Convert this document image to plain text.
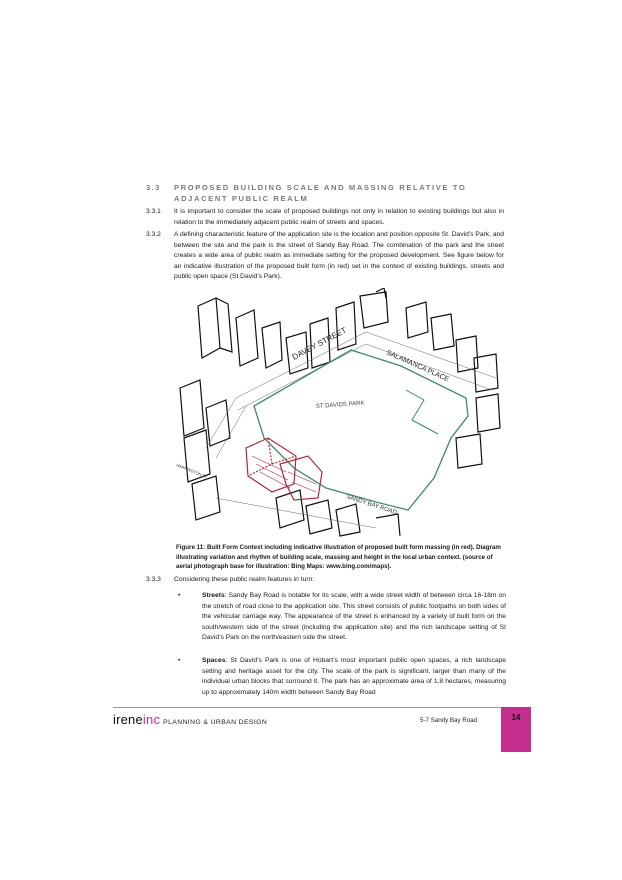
3.3 PROPOSED BUILDING SCALE AND MASSING RELATIVE TO ADJACENT PUBLIC REALM
3.3.1 It is important to consider the scale of proposed buildings not only in relation to existing buildings but also in relation to the immediately adjacent public realm of streets and spaces.
3.3.2 A defining characteristic feature of the application site is the location and position opposite St. David’s Park, and between the site and the park is the street of Sandy Bay Road. The combination of the park and the street creates a wide area of public realm as immediate setting for the proposed development. See figure below for an indicative illustration of the proposed built form (in red) set in the context of existing buildings, streets and public open space (St David’s Park).
DAVEY STREET
SALAMANCA PLACE
ST DAVIDS PARK
SANDY BAY ROAD
HARRINGTON ST
Figure 11: Built Form Context including indicative illustration of proposed built form massing (in red). Diagram illustrating variation and rhythm of building scale, massing and height in the local urban context. (source of aerial photograph base for illustration: Bing Maps: www.bing.com/maps).
3.3.3 Considering these public realm features in turn:
•	Streets: Sandy Bay Road is notable for its scale, with a wide street width of between circa 16-18m on the stretch of road close to the application site. This street consists of public footpaths on both sides of the vehicular carriage way. The appearance of the street is enhanced by a variety of built form on the south/western side of the street (including the application site) and the rich landscape setting of St David’s Park on the north/eastern side the street.
•	Spaces: St David’s Park is one of Hobart’s most important public open spaces, a rich landscape setting and heritage asset for the city. The scale of the park is significant, larger than many of the individual urban blocks that surround it. The park has an approximate area of 1.8 hectares, measuring up to approximately 140m width between Sandy Bay Road
ireneinc PLANNING & URBAN DESIGN	5-7 Sandy Bay Road	14
